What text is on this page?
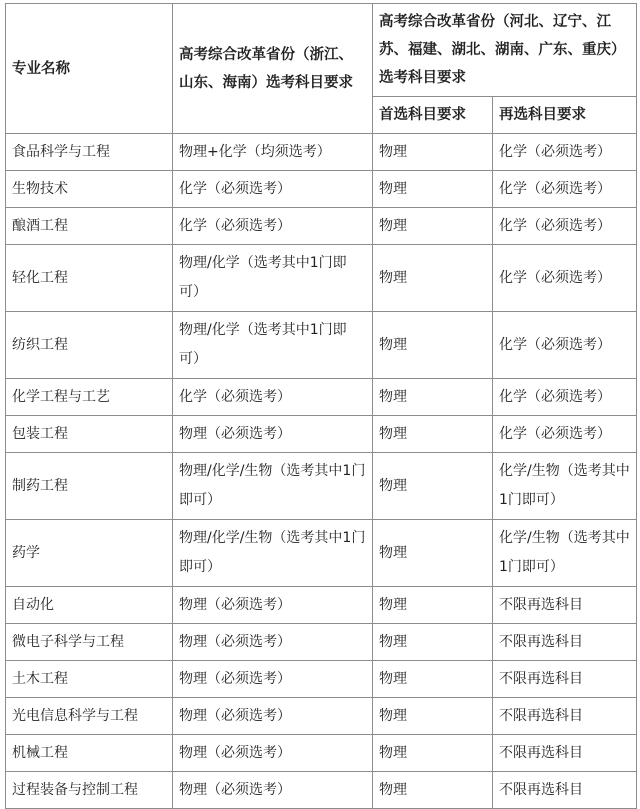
专业名称	高考综合改革省份（浙江、山东、海南）选考科目要求	高考综合改革省份（河北、辽宁、江苏、福建、湖北、湖南、广东、重庆）选考科目要求	
		首选科目要求	再选科目要求
食品科学与工程	物理+化学（均须选考）	物理	化学（必须选考）
生物技术	化学（必须选考）	物理	化学（必须选考）
酿酒工程	化学（必须选考）	物理	化学（必须选考）
轻化工程	物理/化学（选考其中1门即可）	物理	化学（必须选考）
纺织工程	物理/化学（选考其中1门即可）	物理	化学（必须选考）
化学工程与工艺	化学（必须选考）	物理	化学（必须选考）
包装工程	物理（必须选考）	物理	化学（必须选考）
制药工程	物理/化学/生物（选考其中1门即可）	物理	化学/生物（选考其中1门即可）
药学	物理/化学/生物（选考其中1门即可）	物理	化学/生物（选考其中1门即可）
自动化	物理（必须选考）	物理	不限再选科目
微电子科学与工程	物理（必须选考）	物理	不限再选科目
土木工程	物理（必须选考）	物理	不限再选科目
光电信息科学与工程	物理（必须选考）	物理	不限再选科目
机械工程	物理（必须选考）	物理	不限再选科目
过程装备与控制工程	物理（必须选考）	物理	不限再选科目
